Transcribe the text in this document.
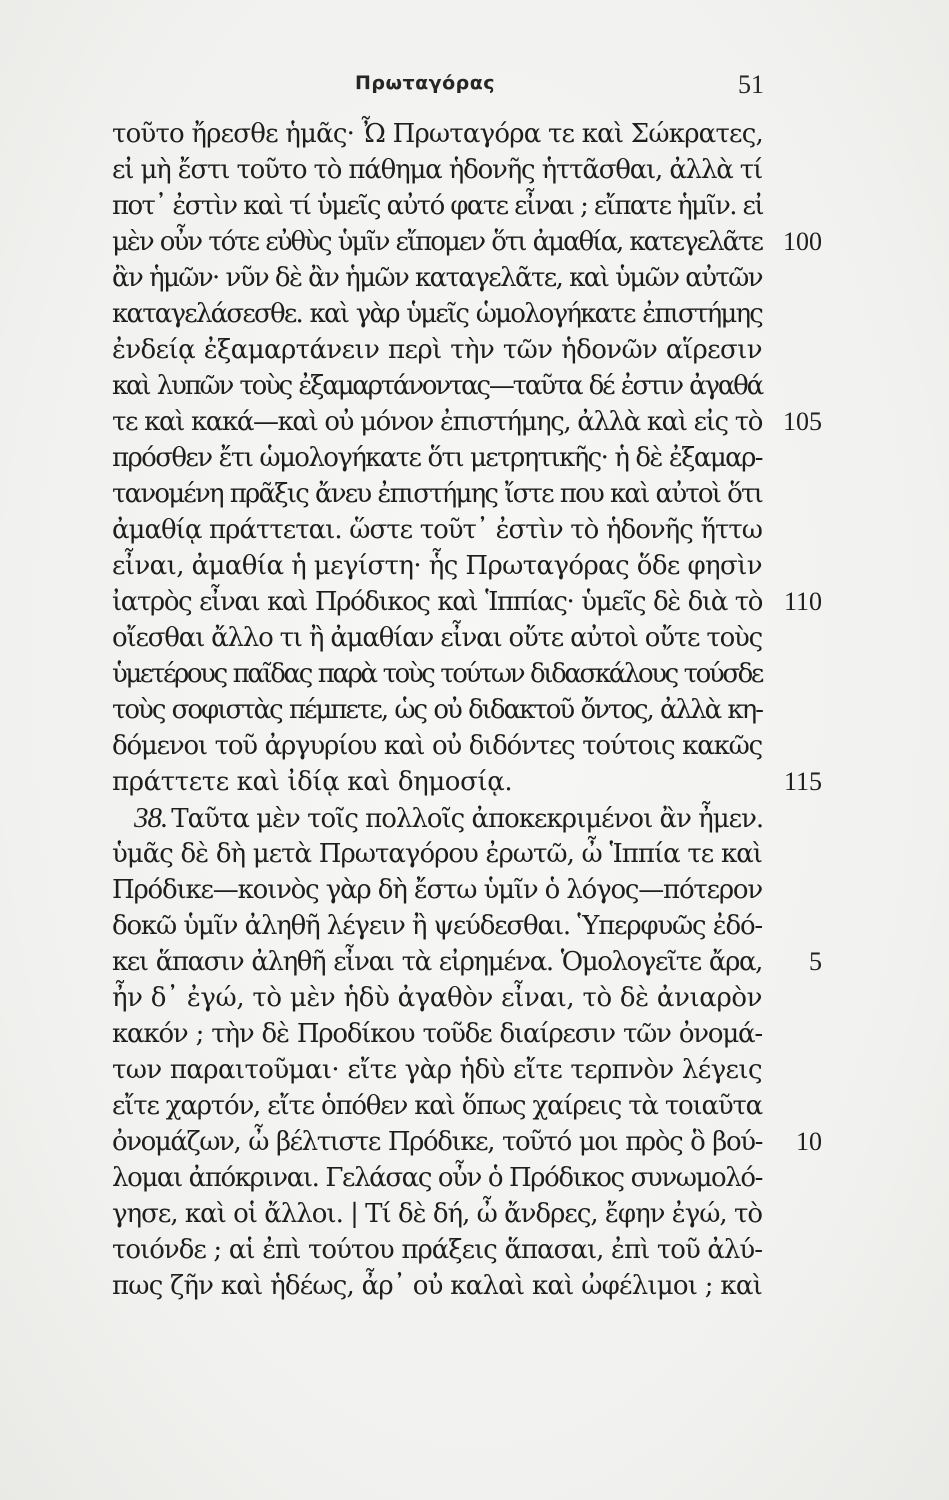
Πρωταγόρας	51
τοῦτο ἤρεσθε ἡμᾶς· Ὦ Πρωταγόρα τε καὶ Σώκρατες,
εἰ μὴ ἔστι τοῦτο τὸ πάθημα ἡδονῆς ἡττᾶσθαι, ἀλλὰ τί
ποτ᾽ ἐστὶν καὶ τί ὑμεῖς αὐτό φατε εἶναι ; εἴπατε ἡμῖν. εἰ
μὲν οὖν τότε εὐθὺς ὑμῖν εἴπομεν ὅτι ἀμαθία, κατεγελᾶτε
ἂν ἡμῶν· νῦν δὲ ἂν ἡμῶν καταγελᾶτε, καὶ ὑμῶν αὐτῶν
καταγελάσεσθε. καὶ γὰρ ὑμεῖς ὡμολογήκατε ἐπιστήμης
ἐνδείᾳ ἐξαμαρτάνειν περὶ τὴν τῶν ἡδονῶν αἵρεσιν
καὶ λυπῶν τοὺς ἐξαμαρτάνοντας—ταῦτα δέ ἐστιν ἀγαθά
τε καὶ κακά—καὶ οὐ μόνον ἐπιστήμης, ἀλλὰ καὶ εἰς τὸ
πρόσθεν ἔτι ὡμολογήκατε ὅτι μετρητικῆς· ἡ δὲ ἐξαμαρ-
τανομένη πρᾶξις ἄνευ ἐπιστήμης ἴστε που καὶ αὐτοὶ ὅτι
ἀμαθίᾳ πράττεται. ὥστε τοῦτ᾽ ἐστὶν τὸ ἡδονῆς ἥττω
εἶναι, ἀμαθία ἡ μεγίστη· ἧς Πρωταγόρας ὅδε φησὶν
ἰατρὸς εἶναι καὶ Πρόδικος καὶ Ἱππίας· ὑμεῖς δὲ διὰ τὸ
οἴεσθαι ἄλλο τι ἢ ἀμαθίαν εἶναι οὔτε αὐτοὶ οὔτε τοὺς
ὑμετέρους παῖδας παρὰ τοὺς τούτων διδασκάλους τούσδε
τοὺς σοφιστὰς πέμπετε, ὡς οὐ διδακτοῦ ὄντος, ἀλλὰ κη-
δόμενοι τοῦ ἀργυρίου καὶ οὐ διδόντες τούτοις κακῶς
πράττετε καὶ ἰδίᾳ καὶ δημοσίᾳ.
38. Ταῦτα μὲν τοῖς πολλοῖς ἀποκεκριμένοι ἂν ἦμεν.
ὑμᾶς δὲ δὴ μετὰ Πρωταγόρου ἐρωτῶ, ὦ Ἱππία τε καὶ
Πρόδικε—κοινὸς γὰρ δὴ ἔστω ὑμῖν ὁ λόγος—πότερον
δοκῶ ὑμῖν ἀληθῆ λέγειν ἢ ψεύδεσθαι. Ὑπερφυῶς ἐδό-
κει ἅπασιν ἀληθῆ εἶναι τὰ εἰρημένα. Ὁμολογεῖτε ἄρα,
ἦν δ᾽ ἐγώ, τὸ μὲν ἡδὺ ἀγαθὸν εἶναι, τὸ δὲ ἀνιαρὸν
κακόν ; τὴν δὲ Προδίκου τοῦδε διαίρεσιν τῶν ὀνομά-
των παραιτοῦμαι· εἴτε γὰρ ἡδὺ εἴτε τερπνὸν λέγεις
εἴτε χαρτόν, εἴτε ὁπόθεν καὶ ὅπως χαίρεις τὰ τοιαῦτα
ὀνομάζων, ὦ βέλτιστε Πρόδικε, τοῦτό μοι πρὸς ὃ βού-
λομαι ἀπόκριναι. Γελάσας οὖν ὁ Πρόδικος συνωμολό-
γησε, καὶ οἱ ἄλλοι. | Τί δὲ δή, ὦ ἄνδρες, ἔφην ἐγώ, τὸ
τοιόνδε ; αἱ ἐπὶ τούτου πράξεις ἅπασαι, ἐπὶ τοῦ ἀλύ-
πως ζῆν καὶ ἡδέως, ἆρ᾽ οὐ καλαὶ καὶ ὠφέλιμοι ; καὶ
100
105
110
115
5
10
